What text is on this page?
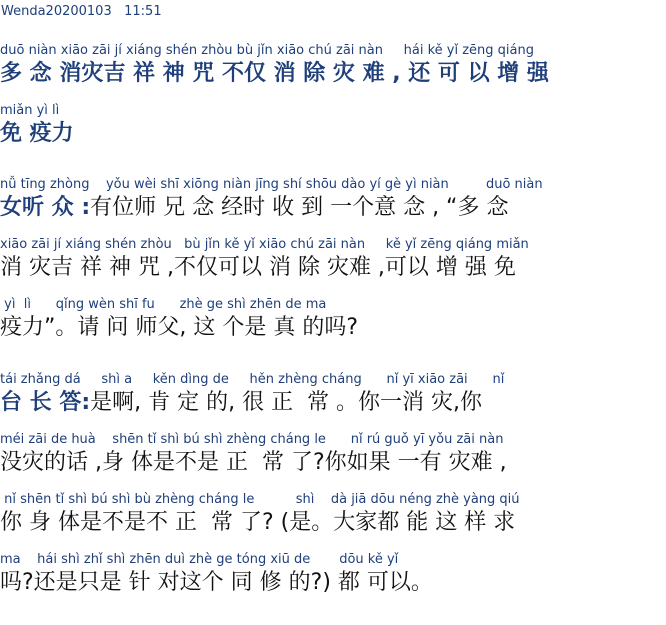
Wenda20200103 11:51
duō niàn xiāo zāi jí xiáng shén zhòu bù jǐn xiāo chú zāi nàn     hái kě yǐ zēng qiáng
多 念 消灾吉 祥 神 咒 不仅 消 除 灾 难 , 还 可 以 增 强
miǎn yì lì
免 疫力
nǚ tīng zhòng    yǒu wèi shī xiōng niàn jīng shí shōu dào yí gè yì niàn         duō niàn
女听 众 :有位师 兄 念 经时 收 到 一个意 念 , “多 念
xiāo zāi jí xiáng shén zhòu   bù jǐn kě yǐ xiāo chú zāi nàn     kě yǐ zēng qiáng miǎn
消 灾吉 祥 神 咒 ,不仅可以 消 除 灾难 ,可以 增 强 免
yì  lì      qǐng wèn shī fu      zhè ge shì zhēn de ma
疫力”。请 问 师父, 这 个是 真 的吗?
tái zhǎng dá     shì a     kěn dìng de     hěn zhèng cháng      nǐ yī xiāo zāi      nǐ
台 长 答:是啊, 肯 定 的, 很 正  常 。你一消 灾,你
méi zāi de huà    shēn tǐ shì bú shì zhèng cháng le      nǐ rú guǒ yī yǒu zāi nàn
没灾的话 ,身 体是不是 正  常 了?你如果 一有 灾难 ,
nǐ shēn tǐ shì bú shì bù zhèng cháng le          shì    dà jiā dōu néng zhè yàng qiú
你 身 体是不是不 正  常 了? (是。大家都 能 这 样 求
ma    hái shì zhǐ shì zhēn duì zhè ge tóng xiū de       dōu kě yǐ
吗?还是只是 针 对这个 同 修 的?) 都 可以。
